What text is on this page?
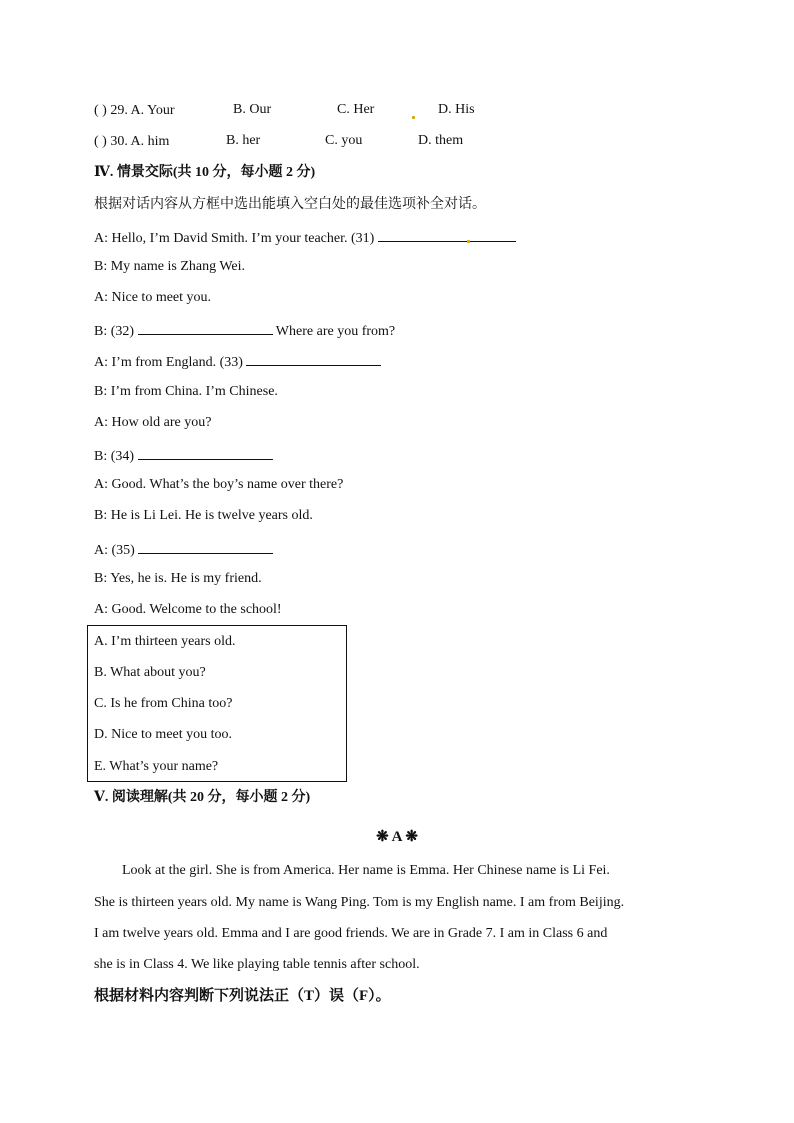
( ) 29. A. Your	B. Our	C. Her	D. His
( ) 30. A. him	B. her	C. you	D. them
Ⅳ. 情景交际(共 10 分，每小题 2 分)
根据对话内容从方框中选出能填入空白处的最佳选项补全对话。
A: Hello, I’m David Smith. I’m your teacher. (31)
B: My name is Zhang Wei.
A: Nice to meet you.
B: (32)	Where are you from?
A: I’m from England. (33)
B: I’m from China. I’m Chinese.
A: How old are you?
B: (34)
A: Good. What’s the boy’s name over there?
B: He is Li Lei. He is twelve years old.
A: (35)
B: Yes, he is. He is my friend.
A: Good. Welcome to the school!
A. I’m thirteen years old.
B. What about you?
C. Is he from China too?
D. Nice to meet you too.
E. What’s your name?
Ⅴ. 阅读理解(共 20 分，每小题 2 分)
❋ A ❋
Look at the girl. She is from America. Her name is Emma. Her Chinese name is Li Fei.
She is thirteen years old. My name is Wang Ping. Tom is my English name. I am from Beijing.
I am twelve years old. Emma and I are good friends. We are in Grade 7. I am in Class 6 and
she is in Class 4. We like playing table tennis after school.
根据材料内容判断下列说法正（T）误（F）。
